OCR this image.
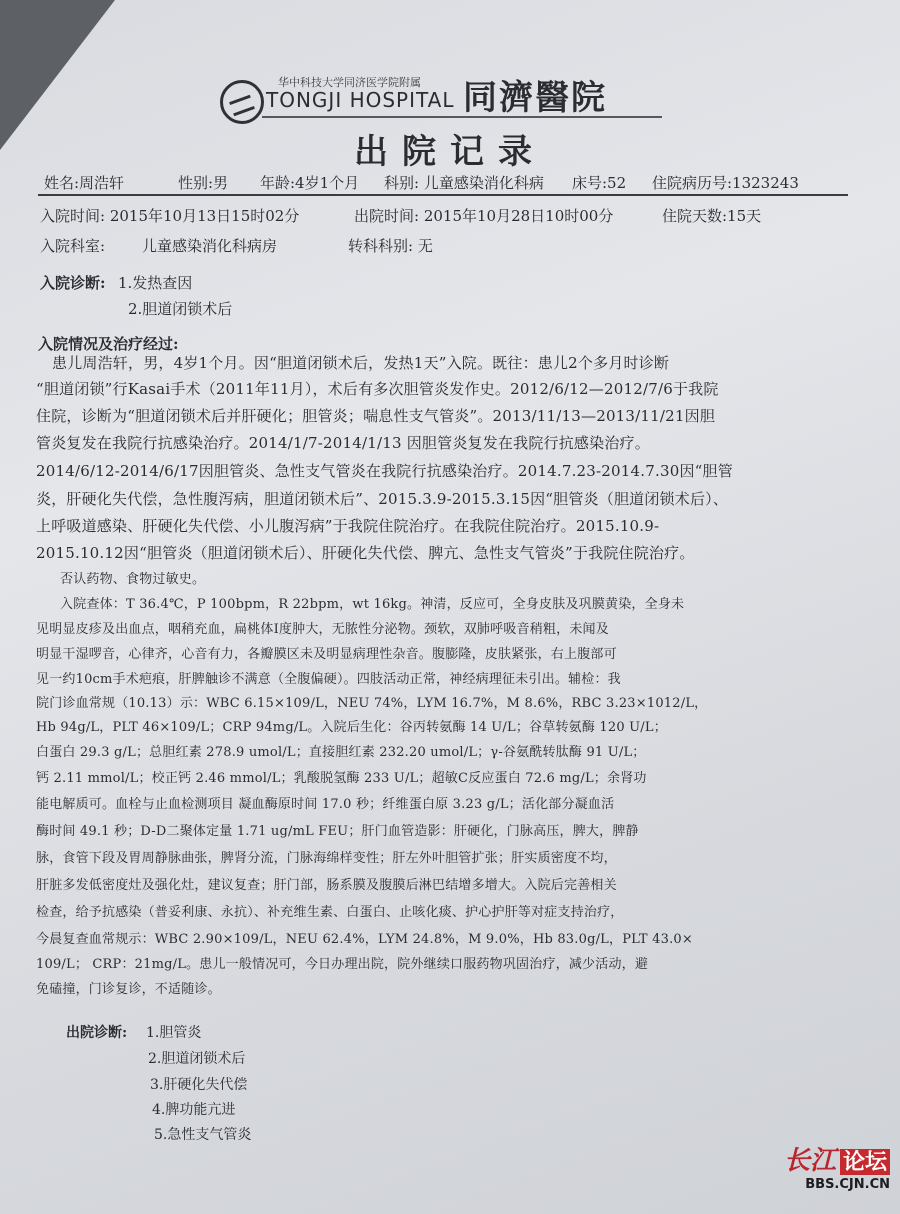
华中科技大学同济医学院附属
TONGJI HOSPITAL 同濟醫院
出院记录
姓名:周浩轩	性别:男 年龄:4岁1个月 科别: 儿童感染消化科病 床号:52 住院病历号:1323243
入院时间: 2015年10月13日15时02分	出院时间: 2015年10月28日10时00分	住院天数:15天
入院科室: 儿童感染消化科病房	转科科别: 无
入院诊断: 1.发热查因
2.胆道闭锁术后
入院情况及治疗经过:
患儿周浩轩，男，4岁1个月。因“胆道闭锁术后，发热1天”入院。既往：患儿2个多月时诊断
“胆道闭锁”行Kasai手术（2011年11月），术后有多次胆管炎发作史。2012/6/12—2012/7/6于我院
住院，诊断为“胆道闭锁术后并肝硬化；胆管炎；喘息性支气管炎”。2013/11/13—2013/11/21因胆
管炎复发在我院行抗感染治疗。2014/1/7-2014/1/13 因胆管炎复发在我院行抗感染治疗。
2014/6/12-2014/6/17因胆管炎、急性支气管炎在我院行抗感染治疗。2014.7.23-2014.7.30因“胆管
炎，肝硬化失代偿，急性腹泻病，胆道闭锁术后”、2015.3.9-2015.3.15因“胆管炎（胆道闭锁术后）、
上呼吸道感染、肝硬化失代偿、小儿腹泻病”于我院住院治疗。在我院住院治疗。2015.10.9-
2015.10.12因“胆管炎（胆道闭锁术后）、肝硬化失代偿、脾亢、急性支气管炎”于我院住院治疗。
否认药物、食物过敏史。
入院查体：T 36.4℃，P 100bpm，R 22bpm，wt 16kg。神清，反应可，全身皮肤及巩膜黄染，全身未
见明显皮疹及出血点，咽稍充血，扁桃体Ⅰ度肿大，无脓性分泌物。颈软，双肺呼吸音稍粗，未闻及
明显干湿啰音，心律齐，心音有力，各瓣膜区未及明显病理性杂音。腹膨隆，皮肤紧张，右上腹部可
见一约10cm手术疤痕，肝脾触诊不满意（全腹偏硬）。四肢活动正常，神经病理征未引出。辅检：我
院门诊血常规（10.13）示：WBC 6.15×109/L，NEU 74%，LYM 16.7%，M 8.6%，RBC 3.23×1012/L，
Hb 94g/L，PLT 46×109/L；CRP 94mg/L。入院后生化：谷丙转氨酶 14 U/L；谷草转氨酶 120 U/L；
白蛋白 29.3 g/L；总胆红素 278.9 umol/L；直接胆红素 232.20 umol/L；γ-谷氨酰转肽酶 91 U/L；
钙 2.11 mmol/L；校正钙 2.46 mmol/L；乳酸脱氢酶 233 U/L；超敏C反应蛋白 72.6 mg/L；余肾功
能电解质可。血栓与止血检测项目 凝血酶原时间 17.0 秒；纤维蛋白原 3.23 g/L；活化部分凝血活
酶时间 49.1 秒；D-D二聚体定量 1.71 ug/mL FEU；肝门血管造影：肝硬化，门脉高压，脾大，脾静
脉，食管下段及胃周静脉曲张，脾肾分流，门脉海绵样变性；肝左外叶胆管扩张；肝实质密度不均，
肝脏多发低密度灶及强化灶，建议复查；肝门部，肠系膜及腹膜后淋巴结增多增大。入院后完善相关
检查，给予抗感染（普妥利康、永抗）、补充维生素、白蛋白、止咳化痰、护心护肝等对症支持治疗，
今晨复查血常规示：WBC 2.90×109/L，NEU 62.4%，LYM 24.8%，M 9.0%，Hb 83.0g/L，PLT 43.0×
109/L； CRP：21mg/L。患儿一般情况可，今日办理出院，院外继续口服药物巩固治疗，减少活动，避
免磕撞，门诊复诊，不适随诊。
出院诊断: 1.胆管炎
2.胆道闭锁术后
3.肝硬化失代偿
4.脾功能亢进
5.急性支气管炎
长江 论坛
BBS.CJN.CN
